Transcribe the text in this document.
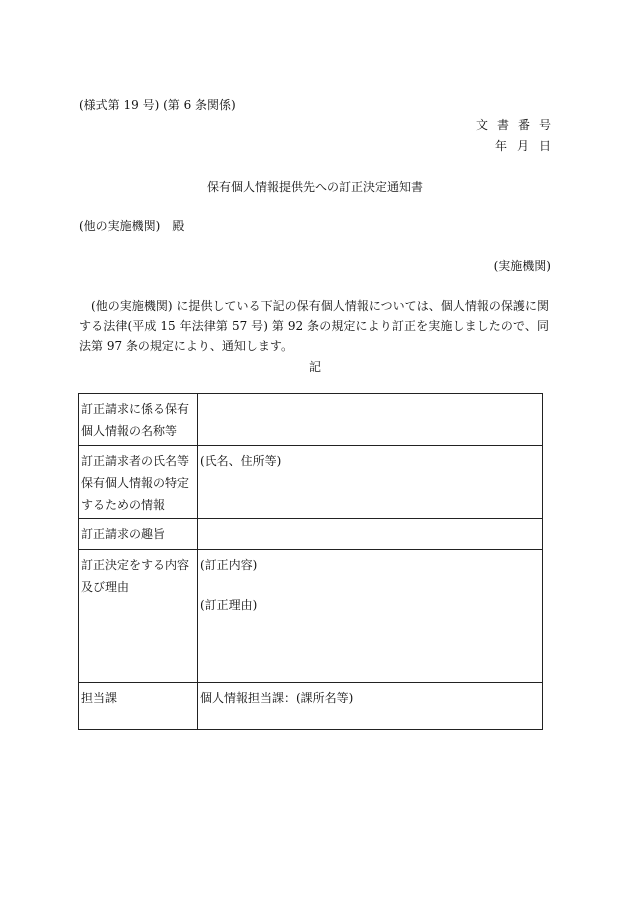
(様式第 19 号) (第 6 条関係)
文書番号
年月日
保有個人情報提供先への訂正決定通知書
(他の実施機関)　殿
(実施機関)
(他の実施機関) に提供している下記の保有個人情報については、個人情報の保護に関する法律(平成 15 年法律第 57 号) 第 92 条の規定により訂正を実施しましたので、同法第 97 条の規定により、通知します。
記
訂正請求に係る保有個人情報の名称等	
訂正請求者の氏名等保有個人情報の特定するための情報	(氏名、住所等)
訂正請求の趣旨	
訂正決定をする内容及び理由	(訂正内容)
(訂正理由)

担当課	個人情報担当課：(課所名等)
